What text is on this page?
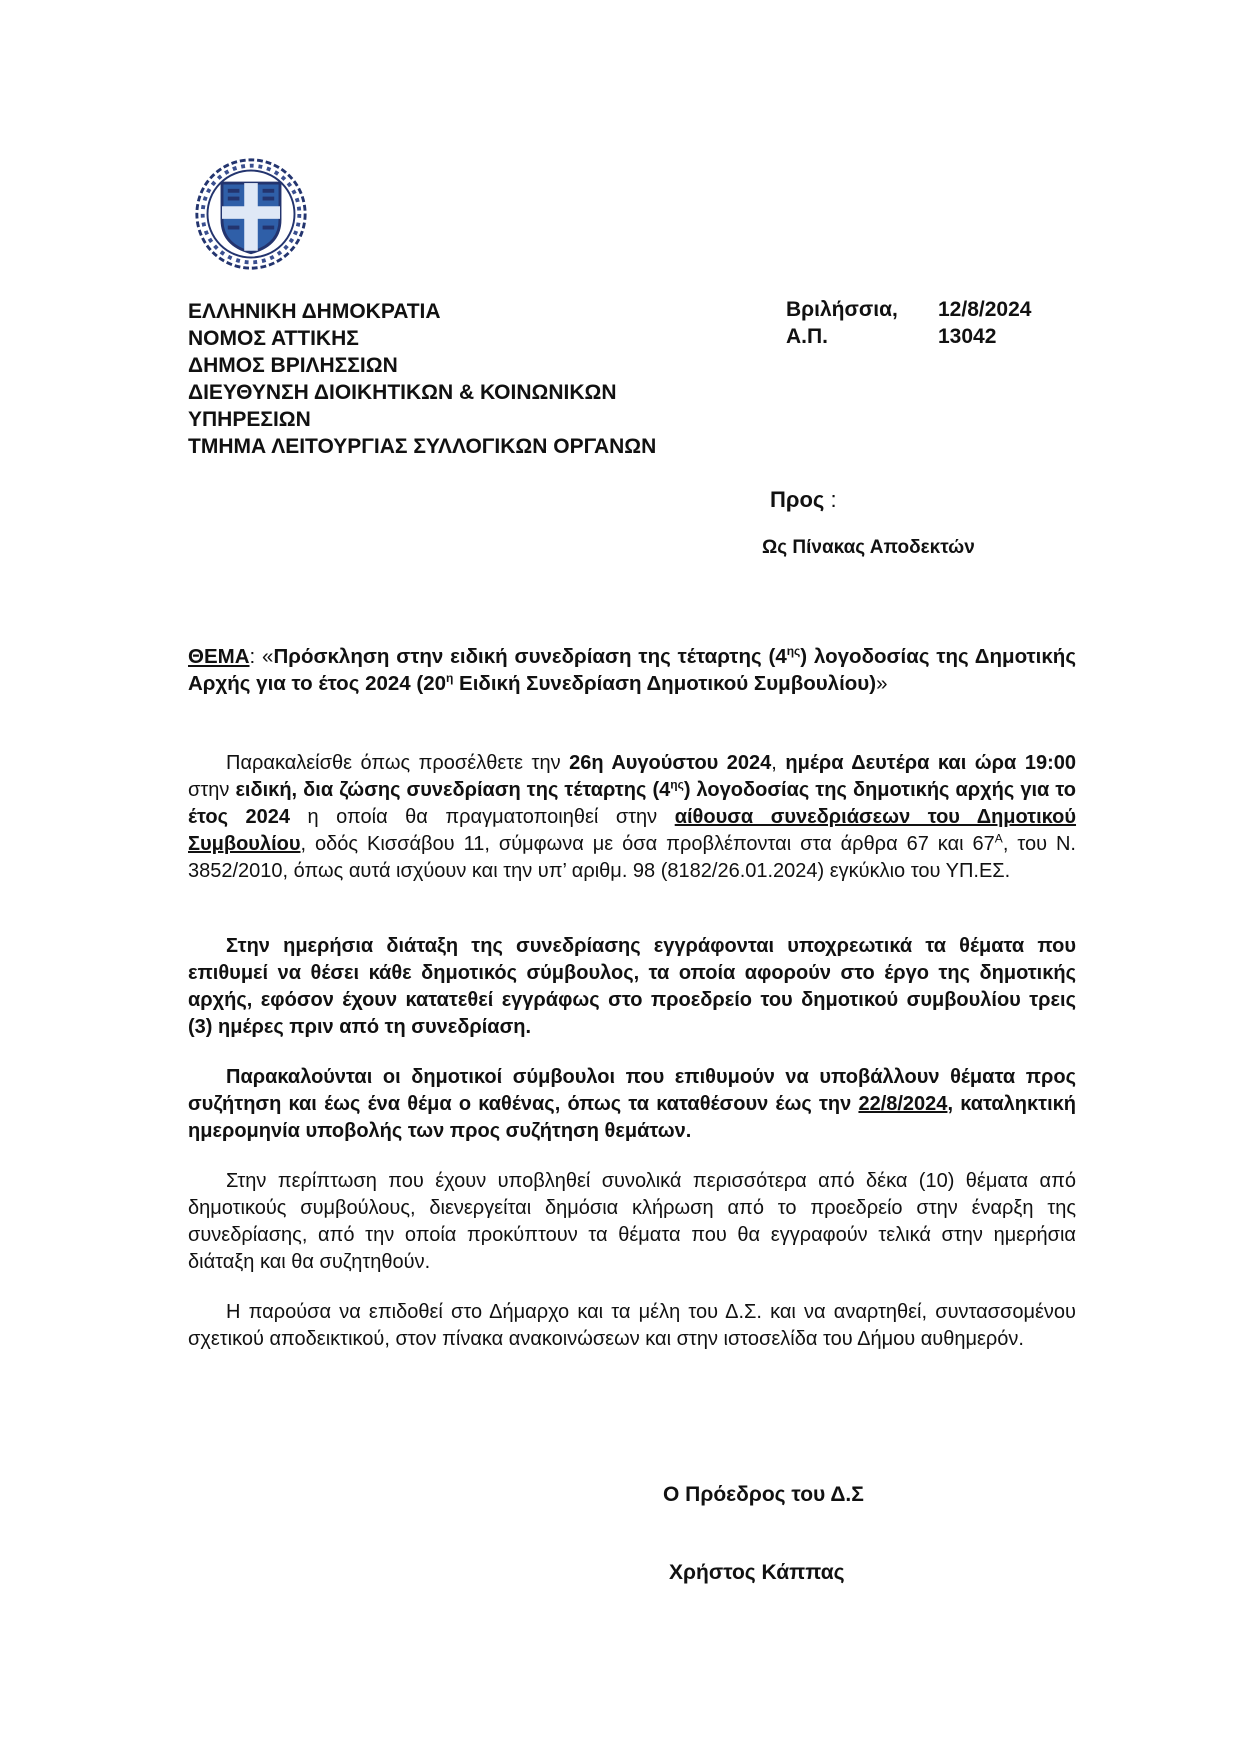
ΕΛΛΗΝΙΚΗ ΔΗΜΟΚΡΑΤΙΑ
ΝΟΜΟΣ ΑΤΤΙΚΗΣ
ΔΗΜΟΣ ΒΡΙΛΗΣΣΙΩΝ
ΔΙΕΥΘΥΝΣΗ ΔΙΟΙΚΗΤΙΚΩΝ & ΚΟΙΝΩΝΙΚΩΝ
ΥΠΗΡΕΣΙΩΝ
ΤΜΗΜΑ ΛΕΙΤΟΥΡΓΙΑΣ ΣΥΛΛΟΓΙΚΩΝ ΟΡΓΑΝΩΝ
Βριλήσσια, 12/8/2024
Α.Π.	13042
Προς :
Ως Πίνακας Αποδεκτών
ΘΕΜΑ: «Πρόσκληση στην ειδική συνεδρίαση της τέταρτης $(4^{\eta\varsigma})$ λογοδοσίας της Δημοτικής Αρχής για το έτος 2024 ($20^\eta$ Ειδική Συνεδρίαση Δημοτικού Συμβουλίου)»
Παρακαλείσθε όπως προσέλθετε την 26η Αυγούστου 2024, ημέρα Δευτέρα και ώρα 19:00 στην ειδική, δια ζώσης συνεδρίαση της τέταρτης $(4^{\eta\varsigma})$ λογοδοσίας της δημοτικής αρχής για το έτος 2024 η οποία θα πραγματοποιηθεί στην αίθουσα συνεδριάσεων του Δημοτικού Συμβουλίου, οδός Κισσάβου 11, σύμφωνα με όσα προβλέπονται στα άρθρα 67 και $67^A$, του Ν. 3852/2010, όπως αυτά ισχύουν και την υπ’ αριθμ. 98 (8182/26.01.2024) εγκύκλιο του ΥΠ.ΕΣ.
Στην ημερήσια διάταξη της συνεδρίασης εγγράφονται υποχρεωτικά τα θέματα που επιθυμεί να θέσει κάθε δημοτικός σύμβουλος, τα οποία αφορούν στο έργο της δημοτικής αρχής, εφόσον έχουν κατατεθεί εγγράφως στο προεδρείο του δημοτικού συμβουλίου τρεις (3) ημέρες πριν από τη συνεδρίαση.
Παρακαλούνται οι δημοτικοί σύμβουλοι που επιθυμούν να υποβάλλουν θέματα προς συζήτηση και έως ένα θέμα ο καθένας, όπως τα καταθέσουν έως την 22/8/2024, καταληκτική ημερομηνία υποβολής των προς συζήτηση θεμάτων.
Στην περίπτωση που έχουν υποβληθεί συνολικά περισσότερα από δέκα (10) θέματα από δημοτικούς συμβούλους, διενεργείται δημόσια κλήρωση από το προεδρείο στην έναρξη της συνεδρίασης, από την οποία προκύπτουν τα θέματα που θα εγγραφούν τελικά στην ημερήσια διάταξη και θα συζητηθούν.
Η παρούσα να επιδοθεί στο Δήμαρχο και τα μέλη του Δ.Σ. και να αναρτηθεί, συντασσομένου σχετικού αποδεικτικού, στον πίνακα ανακοινώσεων και στην ιστοσελίδα του Δήμου αυθημερόν.
Ο Πρόεδρος του Δ.Σ
Χρήστος Κάππας
